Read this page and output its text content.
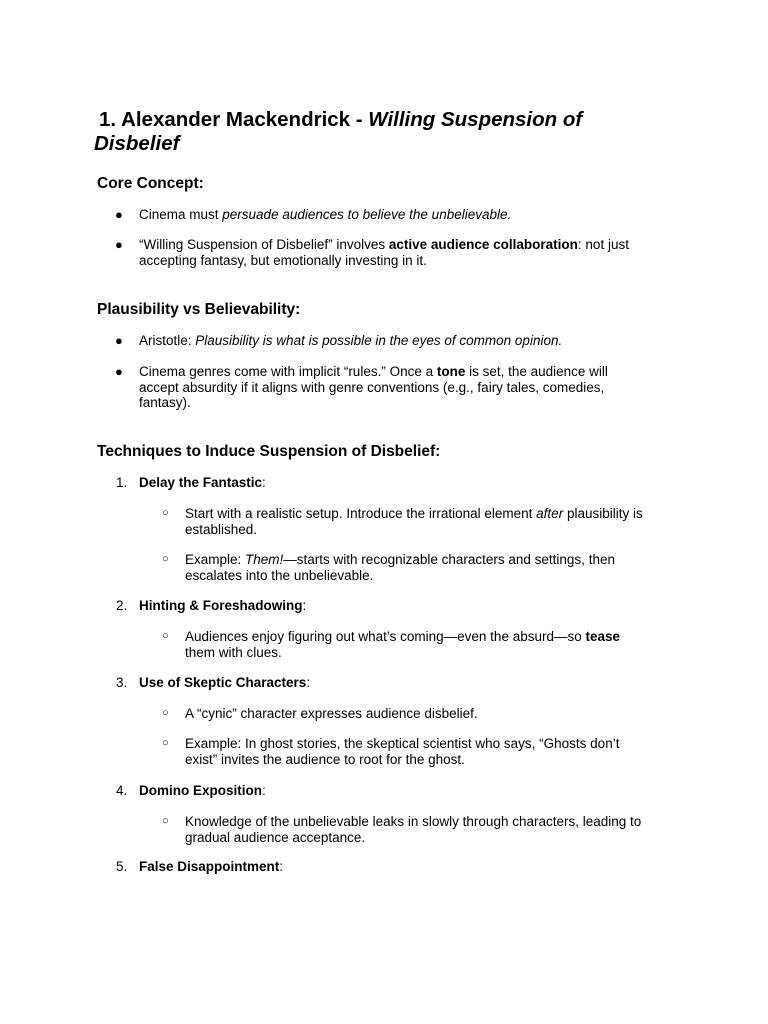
1. Alexander Mackendrick - Willing Suspension of
Disbelief
Core Concept:
● Cinema must persuade audiences to believe the unbelievable.
● “Willing Suspension of Disbelief” involves active audience collaboration: not just
accepting fantasy, but emotionally investing in it.
Plausibility vs Believability:
● Aristotle: Plausibility is what is possible in the eyes of common opinion.
● Cinema genres come with implicit “rules.” Once a tone is set, the audience will
accept absurdity if it aligns with genre conventions (e.g., fairy tales, comedies,
fantasy).
Techniques to Induce Suspension of Disbelief:
1. Delay the Fantastic:
○ Start with a realistic setup. Introduce the irrational element after plausibility is
established.
○ Example: Them!—starts with recognizable characters and settings, then
escalates into the unbelievable.
2. Hinting & Foreshadowing:
○ Audiences enjoy figuring out what’s coming—even the absurd—so tease
them with clues.
3. Use of Skeptic Characters:
○ A “cynic” character expresses audience disbelief.
○ Example: In ghost stories, the skeptical scientist who says, “Ghosts don’t
exist” invites the audience to root for the ghost.
4. Domino Exposition:
○ Knowledge of the unbelievable leaks in slowly through characters, leading to
gradual audience acceptance.
5. False Disappointment:
